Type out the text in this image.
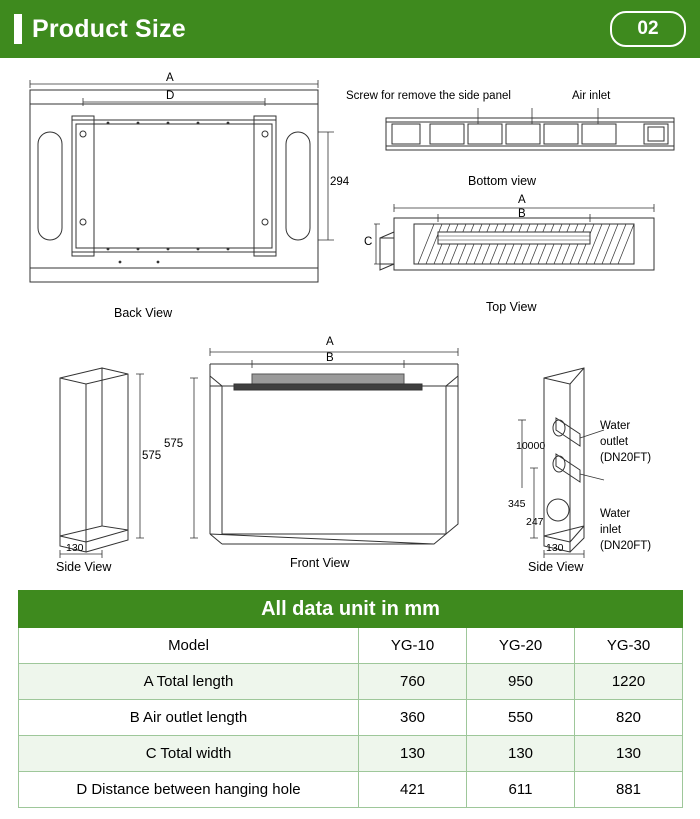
Product Size	02
A
D
294
Back View
Bottom view
Screw for remove the side panel	Air inlet
A
B
C
Top View
575
130
Side View
A
B
575
Front View
10000
345
247
130
Water
outlet
(DN20FT)
Water
inlet
(DN20FT)
Side View
All data unit in mm			
Model	YG-10	YG-20	YG-30
A Total length	760	950	1220
B Air outlet length	360	550	820
C Total width	130	130	130
D Distance between hanging hole	421	611	881
